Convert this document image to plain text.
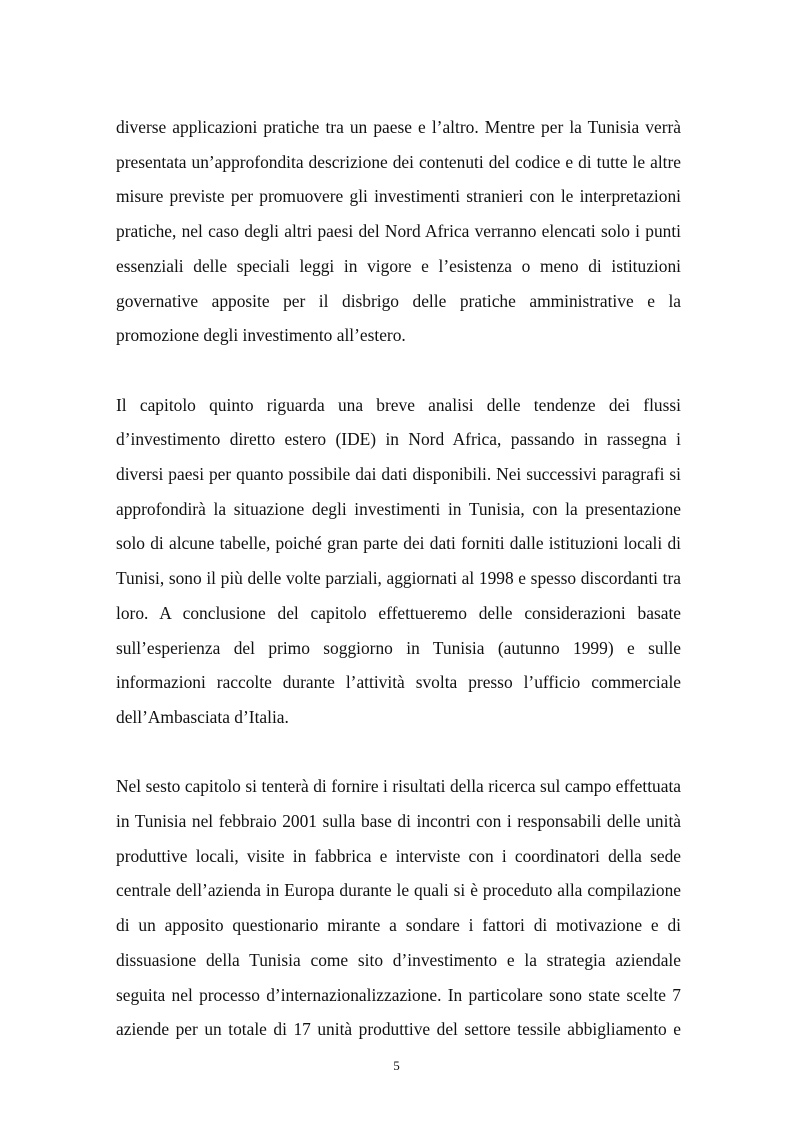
diverse applicazioni pratiche tra un paese e l’altro. Mentre per la Tunisia verrà presentata un’approfondita descrizione dei contenuti del codice e di tutte le altre misure previste per promuovere gli investimenti stranieri con le interpretazioni pratiche, nel caso degli altri paesi del Nord Africa verranno elencati solo i punti essenziali delle speciali leggi in vigore e l’esistenza o meno di istituzioni governative apposite per il disbrigo delle pratiche amministrative e la promozione degli investimento all’estero.

Il capitolo quinto riguarda una breve analisi delle tendenze dei flussi d’investimento diretto estero (IDE) in Nord Africa, passando in rassegna i diversi paesi per quanto possibile dai dati disponibili. Nei successivi paragrafi si approfondirà la situazione degli investimenti in Tunisia, con la presentazione solo di alcune tabelle, poiché gran parte dei dati forniti dalle istituzioni locali di Tunisi, sono il più delle volte parziali, aggiornati al 1998 e spesso discordanti tra loro. A conclusione del capitolo effettueremo delle considerazioni basate sull’esperienza del primo soggiorno in Tunisia (autunno 1999) e sulle informazioni raccolte durante l’attività svolta presso l’ufficio commerciale dell’Ambasciata d’Italia.

Nel sesto capitolo si tenterà di fornire i risultati della ricerca sul campo effettuata in Tunisia nel febbraio 2001 sulla base di incontri con i responsabili delle unità produttive locali, visite in fabbrica e interviste con i coordinatori della sede centrale dell’azienda in Europa durante le quali si è proceduto alla compilazione di un apposito questionario mirante a sondare i fattori di motivazione e di dissuasione della Tunisia come sito d’investimento e la strategia aziendale seguita nel processo d’internazionalizzazione. In particolare sono state scelte 7 aziende per un totale di 17 unità produttive del settore tessile abbigliamento e

5
